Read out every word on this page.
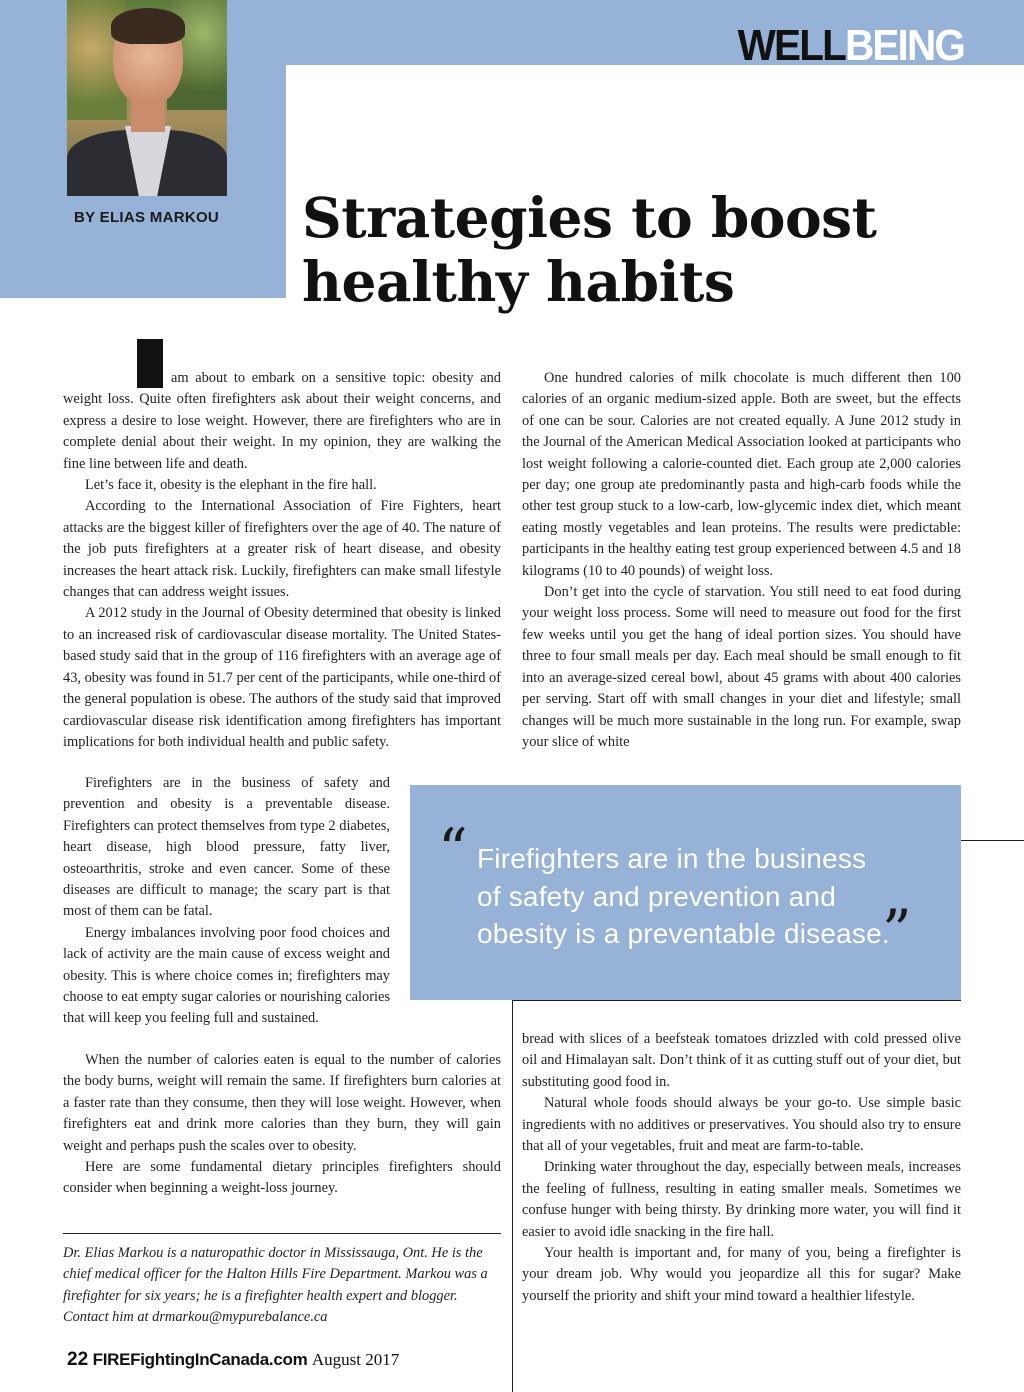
WELLBEING
BY ELIAS MARKOU Strategies to boost
healthy habits

I
am about to embark on a sensitive topic: obesity and weight loss. Quite often firefighters ask about their weight concerns, and express a desire to lose weight. However, there are firefighters who are in complete denial about their weight. In my opinion, they are walking the fine line between life and death.

Let’s face it, obesity is the elephant in the fire hall.

According to the International Association of Fire Fighters, heart attacks are the biggest killer of firefighters over the age of 40. The nature of the job puts firefighters at a greater risk of heart disease, and obesity increases the heart attack risk. Luckily, firefighters can make small lifestyle changes that can address weight issues.

A 2012 study in the Journal of Obesity determined that obesity is linked to an increased risk of cardiovascular disease mortality. The United States-based study said that in the group of 116 firefighters with an average age of 43, obesity was found in 51.7 per cent of the participants, while one-third of the general population is obese. The authors of the study said that improved cardiovascular disease risk identification among firefighters has important implications for both individual health and public safety.

Firefighters are in the business of safety and prevention and obesity is a preventable disease. Firefighters can protect themselves from type 2 diabetes, heart disease, high blood pressure, fatty liver, osteoarthritis, stroke and even cancer. Some of these diseases are difficult to manage; the scary part is that most of them can be fatal.

Energy imbalances involving poor food choices and lack of activity are the main cause of excess weight and obesity. This is where choice comes in; firefighters may choose to eat empty sugar calories or nourishing calories that will keep you feeling full and sustained.

When the number of calories eaten is equal to the number of calories the body burns, weight will remain the same. If firefighters burn calories at a faster rate than they consume, then they will lose weight. However, when firefighters eat and drink more calories than they burn, they will gain weight and perhaps push the scales over to obesity.

Here are some fundamental dietary principles firefighters should consider when beginning a weight-loss journey.

One hundred calories of milk chocolate is much different then 100 calories of an organic medium-sized apple. Both are sweet, but the effects of one can be sour. Calories are not created equally. A June 2012 study in the Journal of the American Medical Association looked at participants who lost weight following a calorie-counted diet. Each group ate 2,000 calories per day; one group ate predominantly pasta and high-carb foods while the other test group stuck to a low-carb, low-glycemic index diet, which meant eating mostly vegetables and lean proteins. The results were predictable: participants in the healthy eating test group experienced between 4.5 and 18 kilograms (10 to 40 pounds) of weight loss.

Don’t get into the cycle of starvation. You still need to eat food during your weight loss process. Some will need to measure out food for the first few weeks until you get the hang of ideal portion sizes. You should have three to four small meals per day. Each meal should be small enough to fit into an average-sized cereal bowl, about 45 grams with about 400 calories per serving. Start off with small changes in your diet and lifestyle; small changes will be much more sustainable in the long run. For example, swap your slice of white

“ Firefighters are in the business
of safety and prevention and
obesity is a preventable disease.
”

bread with slices of a beefsteak tomatoes drizzled with cold pressed olive oil and Himalayan salt. Don’t think of it as cutting stuff out of your diet, but substituting good food in.

Natural whole foods should always be your go-to. Use simple basic ingredients with no additives or preservatives. You should also try to ensure that all of your vegetables, fruit and meat are farm-to-table.

Drinking water throughout the day, especially between meals, increases the feeling of fullness, resulting in eating smaller meals. Sometimes we confuse hunger with being thirsty. By drinking more water, you will find it easier to avoid idle snacking in the fire hall.

Your health is important and, for many of you, being a firefighter is your dream job. Why would you jeopardize all this for sugar? Make yourself the priority and shift your mind toward a healthier lifestyle.

Dr. Elias Markou is a naturopathic doctor in Mississauga, Ont. He is the chief medical officer for the Halton Hills Fire Department. Markou was a firefighter for six years; he is a firefighter health expert and blogger. Contact him at drmarkou@mypurebalance.ca

22 FIREFightingInCanada.com August 2017
